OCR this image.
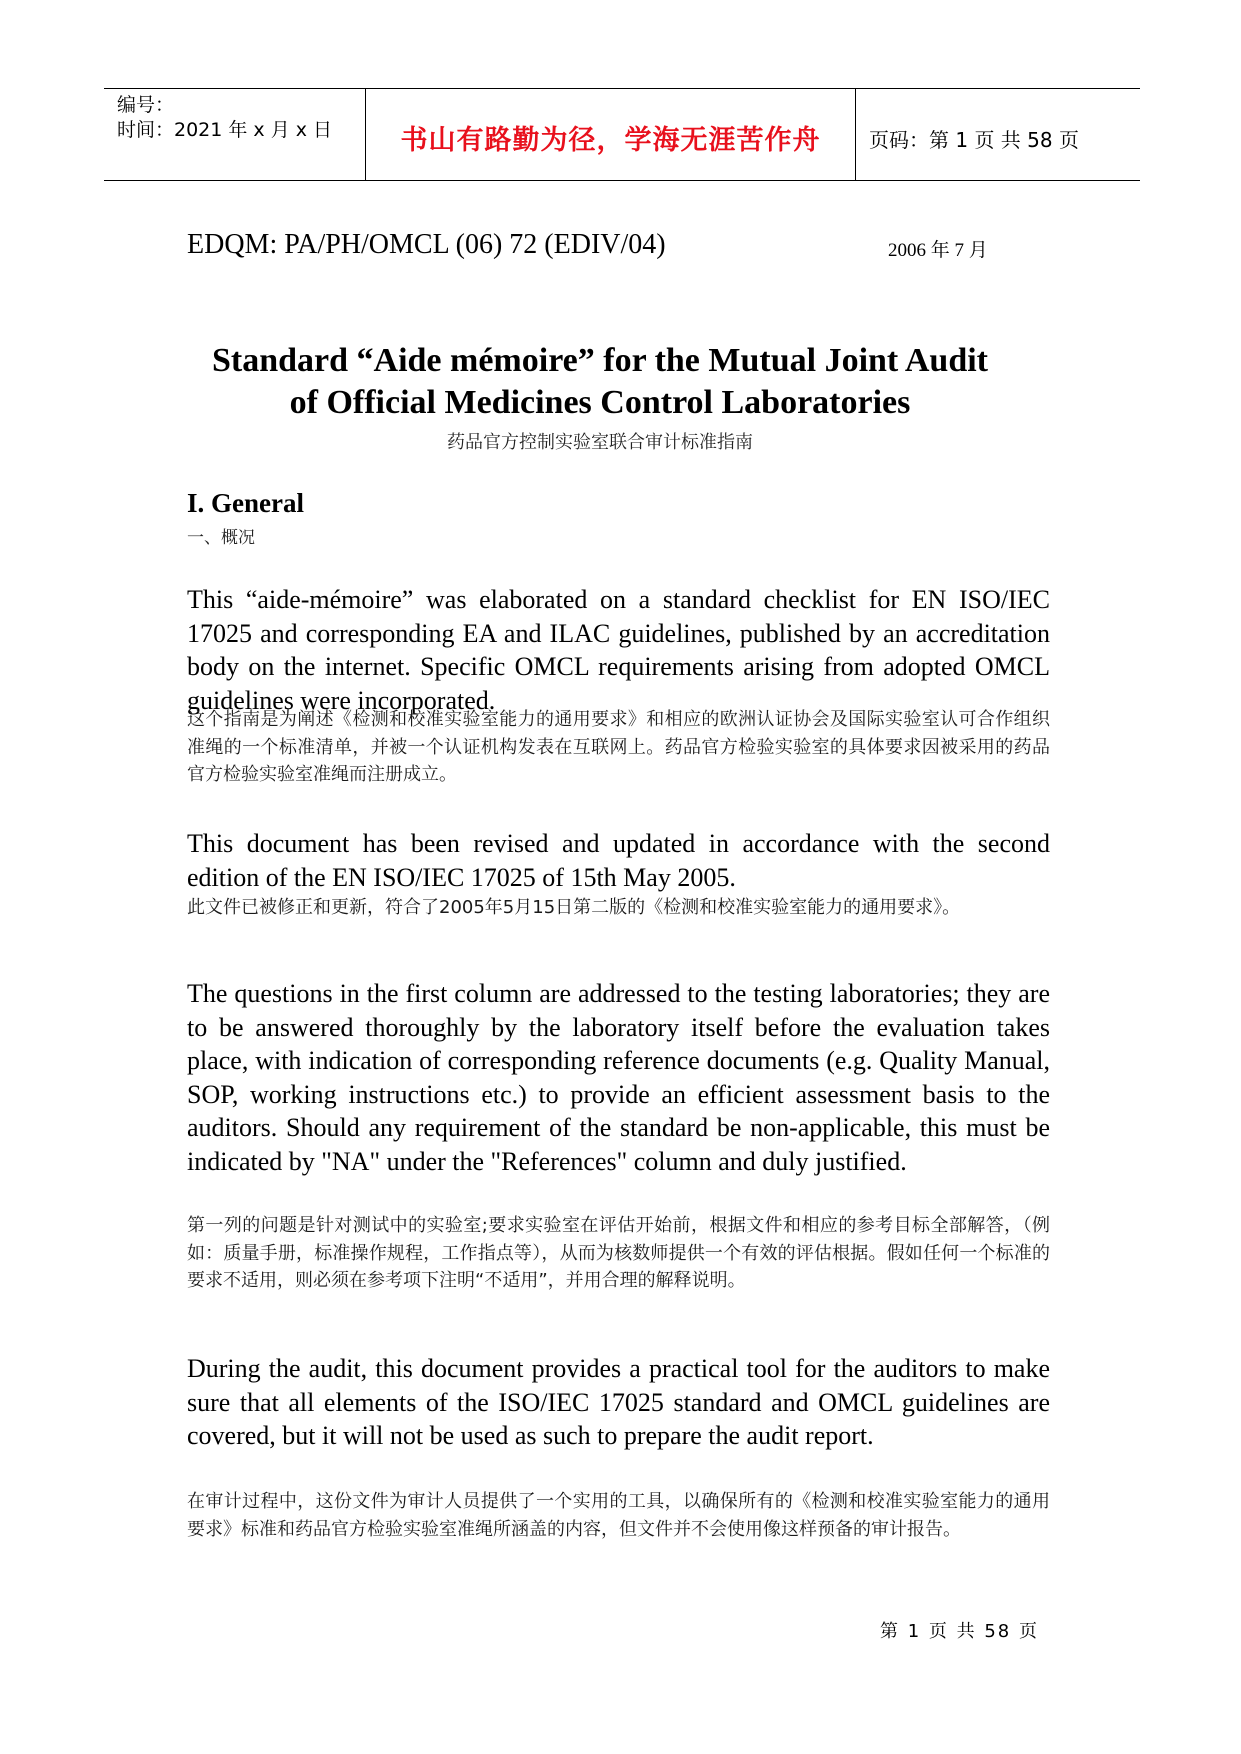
编号：
时间：2021 年 x 月 x 日	书山有路勤为径，学海无涯苦作舟	页码：第 1 页 共 58 页
EDQM: PA/PH/OMCL (06) 72 (EDIV/04)	2006 年 7 月
Standard “Aide mémoire” for the Mutual Joint Audit
of Official Medicines Control Laboratories
药品官方控制实验室联合审计标准指南
I. General
一、概况

This “aide-mémoire” was elaborated on a standard checklist for EN ISO/IEC 17025 and corresponding EA and ILAC guidelines, published by an accreditation body on the internet. Specific OMCL requirements arising from adopted OMCL guidelines were incorporated.

这个指南是为阐述《检测和校准实验室能力的通用要求》和相应的欧洲认证协会及国际实验室认可合作组织准绳的一个标准清单，并被一个认证机构发表在互联网上。药品官方检验实验室的具体要求因被采用的药品官方检验实验室准绳而注册成立。

This document has been revised and updated in accordance with the second edition of the EN ISO/IEC 17025 of 15th May 2005.

此文件已被修正和更新，符合了2005年5月15日第二版的《检测和校准实验室能力的通用要求》。

The questions in the first column are addressed to the testing laboratories; they are to be answered thoroughly by the laboratory itself before the evaluation takes place, with indication of corresponding reference documents (e.g. Quality Manual, SOP, working instructions etc.) to provide an efficient assessment basis to the auditors. Should any requirement of the standard be non-applicable, this must be indicated by "NA" under the "References" column and duly justified.

第一列的问题是针对测试中的实验室;要求实验室在评估开始前，根据文件和相应的参考目标全部解答，（例如：质量手册，标准操作规程，工作指点等），从而为核数师提供一个有效的评估根据。假如任何一个标准的要求不适用，则必须在参考项下注明“不适用”，并用合理的解释说明。

During the audit, this document provides a practical tool for the auditors to make sure that all elements of the ISO/IEC 17025 standard and OMCL guidelines are covered, but it will not be used as such to prepare the audit report.

在审计过程中，这份文件为审计人员提供了一个实用的工具，以确保所有的《检测和校准实验室能力的通用要求》标准和药品官方检验实验室准绳所涵盖的内容，但文件并不会使用像这样预备的审计报告。

第 1 页 共 58 页
